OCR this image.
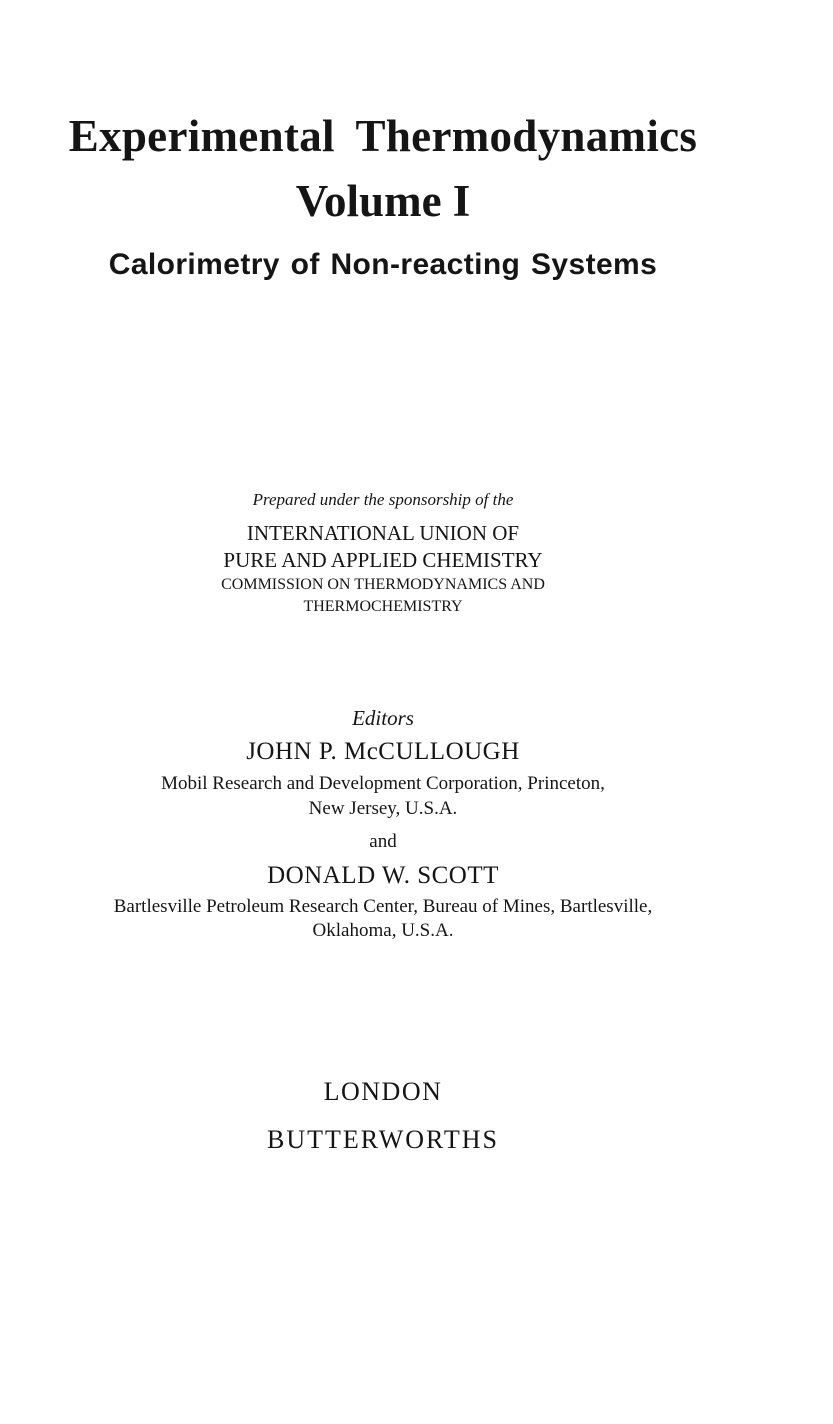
Experimental Thermodynamics
Volume I
Calorimetry of Non-reacting Systems
Prepared under the sponsorship of the
INTERNATIONAL UNION OF
PURE AND APPLIED CHEMISTRY
COMMISSION ON THERMODYNAMICS AND
THERMOCHEMISTRY
Editors
JOHN P. McCULLOUGH
Mobil Research and Development Corporation, Princeton,
New Jersey, U.S.A.
and
DONALD W. SCOTT
Bartlesville Petroleum Research Center, Bureau of Mines, Bartlesville,
Oklahoma, U.S.A.
LONDON
BUTTERWORTHS
